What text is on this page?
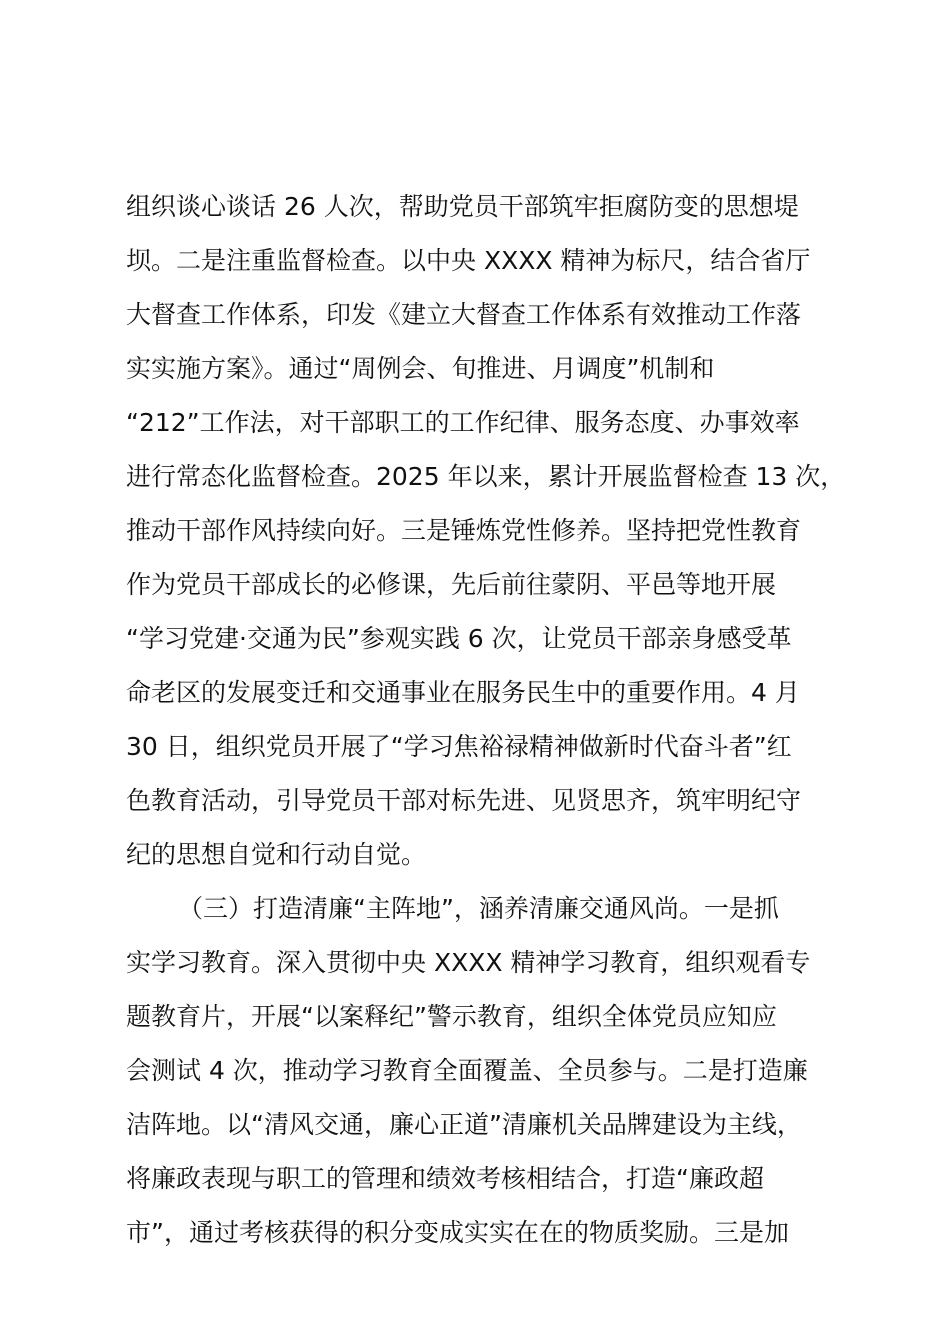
组织谈心谈话 26 人次，帮助党员干部筑牢拒腐防变的思想堤
坝。二是注重监督检查。以中央 XXXX 精神为标尺，结合省厅
大督查工作体系，印发《建立大督查工作体系有效推动工作落
实实施方案》。通过“周例会、旬推进、月调度”机制和
“212”工作法，对干部职工的工作纪律、服务态度、办事效率
进行常态化监督检查。2025 年以来，累计开展监督检查 13 次，
推动干部作风持续向好。三是锤炼党性修养。坚持把党性教育
作为党员干部成长的必修课，先后前往蒙阴、平邑等地开展
“学习党建·交通为民”参观实践 6 次，让党员干部亲身感受革
命老区的发展变迁和交通事业在服务民生中的重要作用。4 月
30 日，组织党员开展了“学习焦裕禄精神做新时代奋斗者”红
色教育活动，引导党员干部对标先进、见贤思齐，筑牢明纪守
纪的思想自觉和行动自觉。
（三）打造清廉“主阵地”，涵养清廉交通风尚。一是抓
实学习教育。深入贯彻中央 XXXX 精神学习教育，组织观看专
题教育片，开展“以案释纪”警示教育，组织全体党员应知应
会测试 4 次，推动学习教育全面覆盖、全员参与。二是打造廉
洁阵地。以“清风交通，廉心正道”清廉机关品牌建设为主线，
将廉政表现与职工的管理和绩效考核相结合，打造“廉政超
市”，通过考核获得的积分变成实实在在的物质奖励。三是加
